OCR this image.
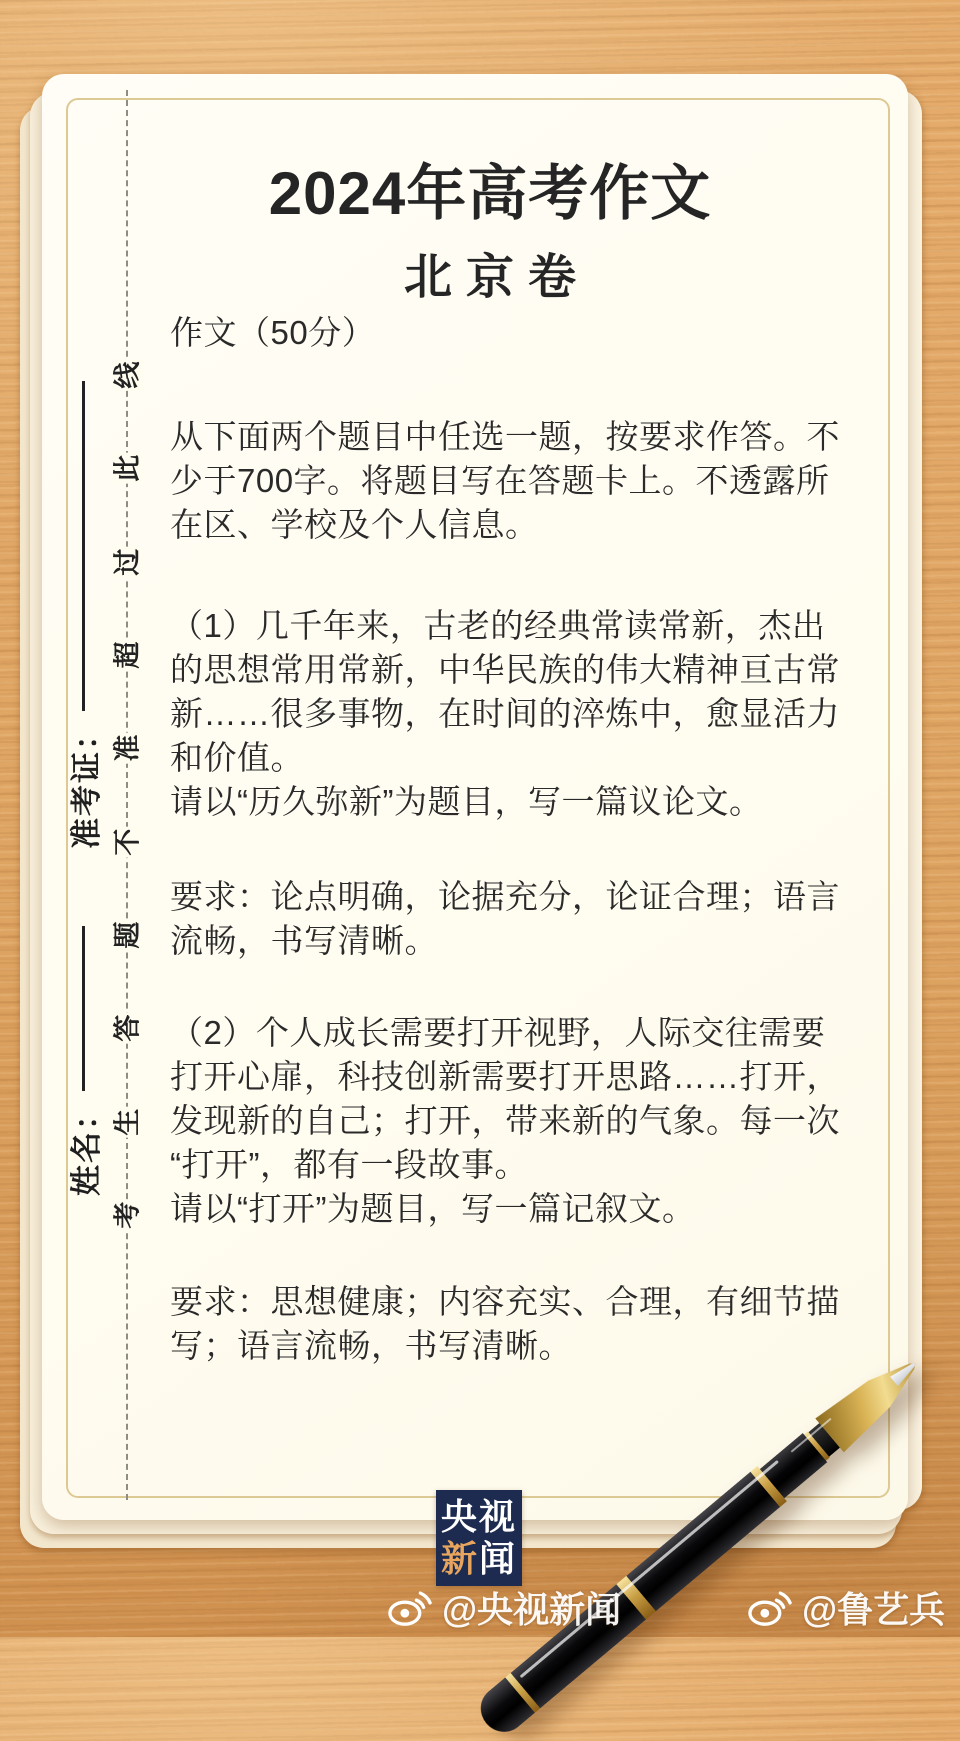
线
此
过
超
准
不
题
答
生
考
准考证：
姓名：
2024年高考作文
北京卷
作文（50分）
从下面两个题目中任选一题，按要求作答。不
少于700字。将题目写在答题卡上。不透露所
在区、学校及个人信息。
（1）几千年来，古老的经典常读常新，杰出
的思想常用常新，中华民族的伟大精神亘古常
新……很多事物，在时间的淬炼中，愈显活力
和价值。
请以“历久弥新”为题目，写一篇议论文。
要求：论点明确，论据充分，论证合理；语言
流畅，书写清晰。
（2）个人成长需要打开视野，人际交往需要
打开心扉，科技创新需要打开思路……打开，
发现新的自己；打开，带来新的气象。每一次
“打开”，都有一段故事。
请以“打开”为题目，写一篇记叙文。
要求：思想健康；内容充实、合理，有细节描
写；语言流畅，书写清晰。
央视
新闻
@央视新闻	@鲁艺兵
